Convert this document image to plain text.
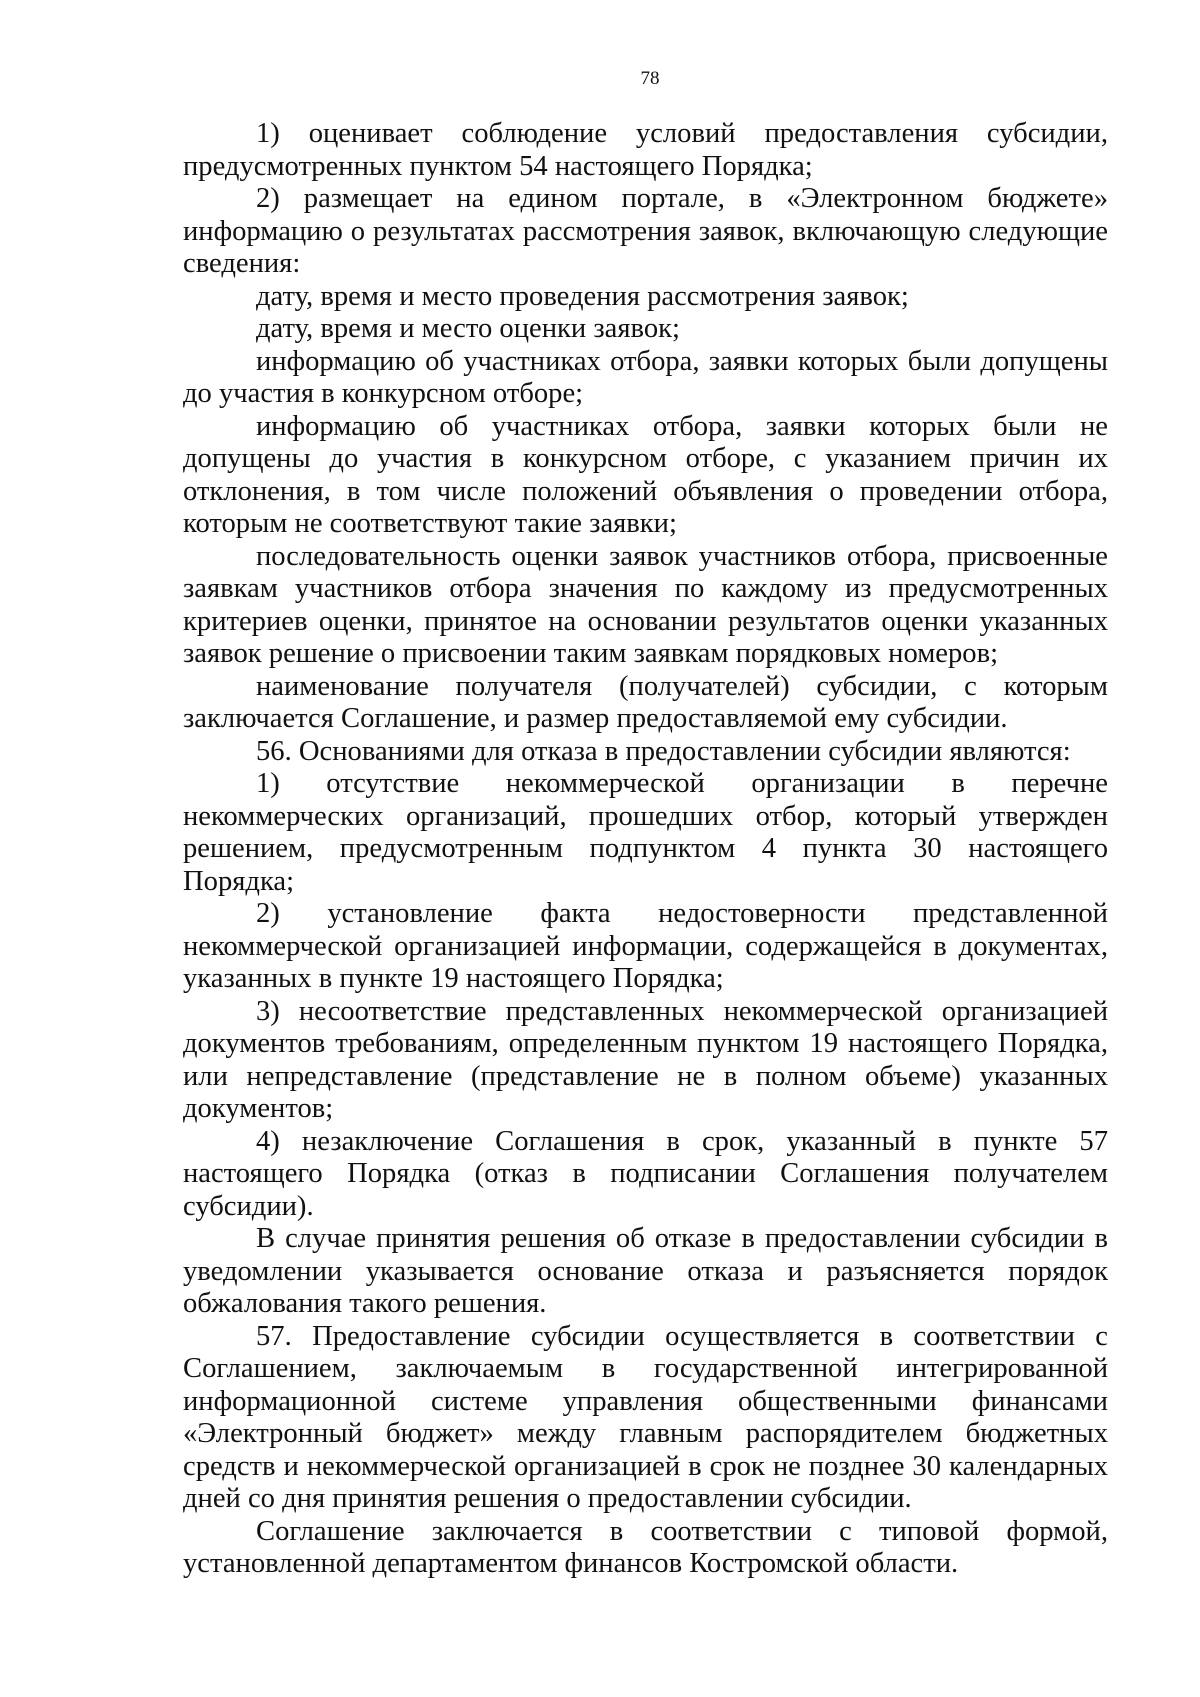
78

1) оценивает соблюдение условий предоставления субсидии, предусмотренных пунктом 54 настоящего Порядка;

2) размещает на едином портале, в «Электронном бюджете» информацию о результатах рассмотрения заявок, включающую следующие сведения:

дату, время и место проведения рассмотрения заявок;

дату, время и место оценки заявок;

информацию об участниках отбора, заявки которых были допущены до участия в конкурсном отборе;

информацию об участниках отбора, заявки которых были не допущены до участия в конкурсном отборе, с указанием причин их отклонения, в том числе положений объявления о проведении отбора, которым не соответствуют такие заявки;

последовательность оценки заявок участников отбора, присвоенные заявкам участников отбора значения по каждому из предусмотренных критериев оценки, принятое на основании результатов оценки указанных заявок решение о присвоении таким заявкам порядковых номеров;

наименование получателя (получателей) субсидии, с которым заключается Соглашение, и размер предоставляемой ему субсидии.

56. Основаниями для отказа в предоставлении субсидии являются:

1) отсутствие некоммерческой организации в перечне некоммерческих организаций, прошедших отбор, который утвержден решением, предусмотренным подпунктом 4 пункта 30 настоящего Порядка;

2) установление факта недостоверности представленной некоммерческой организацией информации, содержащейся в документах, указанных в пункте 19 настоящего Порядка;

3) несоответствие представленных некоммерческой организацией документов требованиям, определенным пунктом 19 настоящего Порядка, или непредставление (представление не в полном объеме) указанных документов;

4) незаключение Соглашения в срок, указанный в пункте 57 настоящего Порядка (отказ в подписании Соглашения получателем субсидии).

В случае принятия решения об отказе в предоставлении субсидии в уведомлении указывается основание отказа и разъясняется порядок обжалования такого решения.

57. Предоставление субсидии осуществляется в соответствии с Соглашением, заключаемым в государственной интегрированной информационной системе управления общественными финансами «Электронный бюджет» между главным распорядителем бюджетных средств и некоммерческой организацией в срок не позднее 30 календарных дней со дня принятия решения о предоставлении субсидии.

Соглашение заключается в соответствии с типовой формой, установленной департаментом финансов Костромской области.
